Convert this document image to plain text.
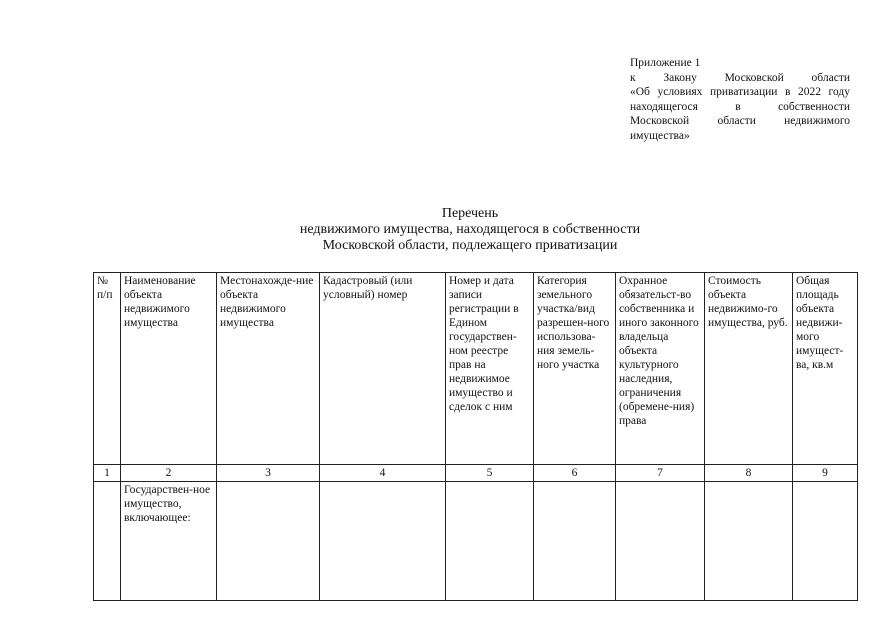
Приложение 1
к Закону Московской области
«Об условиях приватизации в 2022 году
находящегося в собственности
Московской области недвижимого
имущества»
Перечень
недвижимого имущества, находящегося в собственности
Московской области, подлежащего приватизации
№ п/п	Наименование объекта недвижимого имущества	Местонахожде-ние объекта недвижимого имущества	Кадастровый (или условный) номер	Номер и дата записи регистрации в Едином государствен-ном реестре прав на недвижимое имущество и сделок с ним	Категория земельного участка/вид разрешен-ного использова-ния земель-ного участка	Охранное обязательст-во собственника и иного законного владельца объекта культурного наследния, ограничения (обремене-ния) права	Стоимость объекта недвижимо-го имущества, руб.	Общая площадь объекта недвижи-мого имущест-ва, кв.м
1	2	3	4	5	6	7	8	9
	Государствен-ное имущество, включающее:							
